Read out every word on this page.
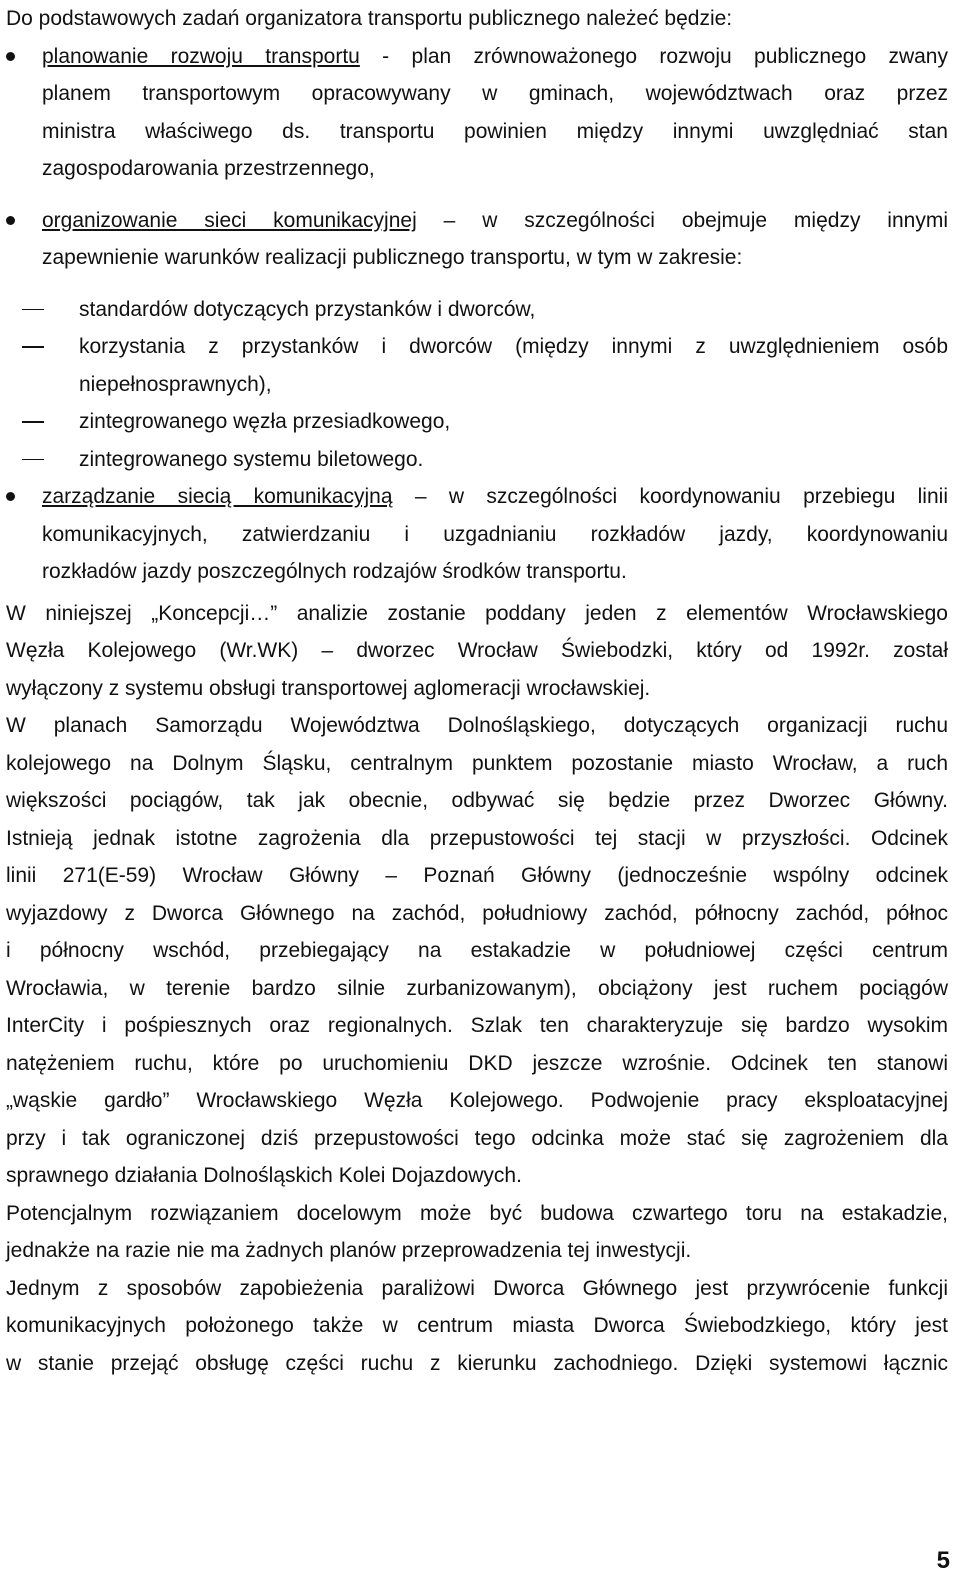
Do podstawowych zadań organizatora transportu publicznego należeć będzie:
planowanie rozwoju transportu - plan zrównoważonego rozwoju publicznego zwany
planem transportowym opracowywany w gminach, województwach oraz przez
ministra właściwego ds. transportu powinien między innymi uwzględniać stan
zagospodarowania przestrzennego,
organizowanie sieci komunikacyjnej – w szczególności obejmuje między innymi
zapewnienie warunków realizacji publicznego transportu, w tym w zakresie:
standardów dotyczących przystanków i dworców,
korzystania z przystanków i dworców (między innymi z uwzględnieniem osób
niepełnosprawnych),
zintegrowanego węzła przesiadkowego,
zintegrowanego systemu biletowego.
zarządzanie siecią komunikacyjną – w szczególności koordynowaniu przebiegu linii
komunikacyjnych, zatwierdzaniu i uzgadnianiu rozkładów jazdy, koordynowaniu
rozkładów jazdy poszczególnych rodzajów środków transportu.
W niniejszej „Koncepcji…” analizie zostanie poddany jeden z elementów Wrocławskiego
Węzła Kolejowego (Wr.WK) – dworzec Wrocław Świebodzki, który od 1992r. został
wyłączony z systemu obsługi transportowej aglomeracji wrocławskiej.
W planach Samorządu Województwa Dolnośląskiego, dotyczących organizacji ruchu
kolejowego na Dolnym Śląsku, centralnym punktem pozostanie miasto Wrocław, a ruch
większości pociągów, tak jak obecnie, odbywać się będzie przez Dworzec Główny.
Istnieją jednak istotne zagrożenia dla przepustowości tej stacji w przyszłości. Odcinek
linii 271(E-59) Wrocław Główny – Poznań Główny (jednocześnie wspólny odcinek
wyjazdowy z Dworca Głównego na zachód, południowy zachód, północny zachód, północ
i północny wschód, przebiegający na estakadzie w południowej części centrum
Wrocławia, w terenie bardzo silnie zurbanizowanym), obciążony jest ruchem pociągów
InterCity i pośpiesznych oraz regionalnych. Szlak ten charakteryzuje się bardzo wysokim
natężeniem ruchu, które po uruchomieniu DKD jeszcze wzrośnie. Odcinek ten stanowi
„wąskie gardło” Wrocławskiego Węzła Kolejowego. Podwojenie pracy eksploatacyjnej
przy i tak ograniczonej dziś przepustowości tego odcinka może stać się zagrożeniem dla
sprawnego działania Dolnośląskich Kolei Dojazdowych.
Potencjalnym rozwiązaniem docelowym może być budowa czwartego toru na estakadzie,
jednakże na razie nie ma żadnych planów przeprowadzenia tej inwestycji.
Jednym z sposobów zapobieżenia paraliżowi Dworca Głównego jest przywrócenie funkcji
komunikacyjnych położonego także w centrum miasta Dworca Świebodzkiego, który jest
w stanie przejąć obsługę części ruchu z kierunku zachodniego. Dzięki systemowi łącznic
5
